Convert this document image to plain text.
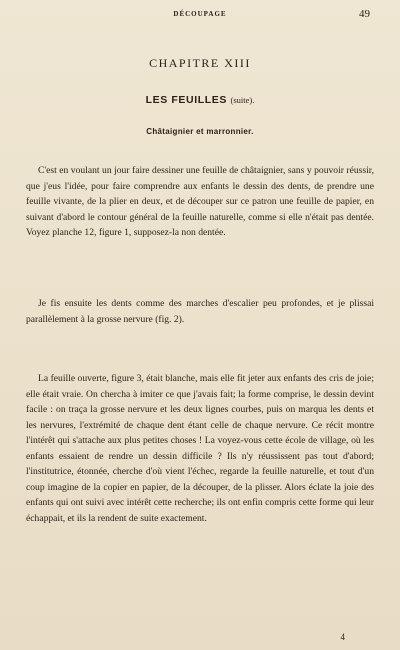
DÉCOUPAGE	49
CHAPITRE XIII
LES FEUILLES (suite).
Châtaignier et marronnier.

C'est en voulant un jour faire dessiner une feuille de châtaignier, sans y pouvoir réussir, que j'eus l'idée, pour faire comprendre aux enfants le dessin des dents, de prendre une feuille vivante, de la plier en deux, et de découper sur ce patron une feuille de papier, en suivant d'abord le contour général de la feuille naturelle, comme si elle n'était pas dentée. Voyez planche 12, figure 1, supposez-la non dentée.

Je fis ensuite les dents comme des marches d'escalier peu profondes, et je plissai parallèlement à la grosse nervure (fig. 2).

La feuille ouverte, figure 3, était blanche, mais elle fit jeter aux enfants des cris de joie; elle était vraie. On chercha à imiter ce que j'avais fait; la forme comprise, le dessin devint facile : on traça la grosse nervure et les deux lignes courbes, puis on marqua les dents et les nervures, l'extrémité de chaque dent étant celle de chaque nervure. Ce récit montre l'intérêt qui s'attache aux plus petites choses ! La voyez-vous cette école de village, où les enfants essaient de rendre un dessin difficile ? Ils n'y réussissent pas tout d'abord; l'institutrice, étonnée, cherche d'où vient l'échec, regarde la feuille naturelle, et tout d'un coup imagine de la copier en papier, de la découper, de la plisser. Alors éclate la joie des enfants qui ont suivi avec intérêt cette recherche; ils ont enfin compris cette forme qui leur échappait, et ils la rendent de suite exactement.

4
